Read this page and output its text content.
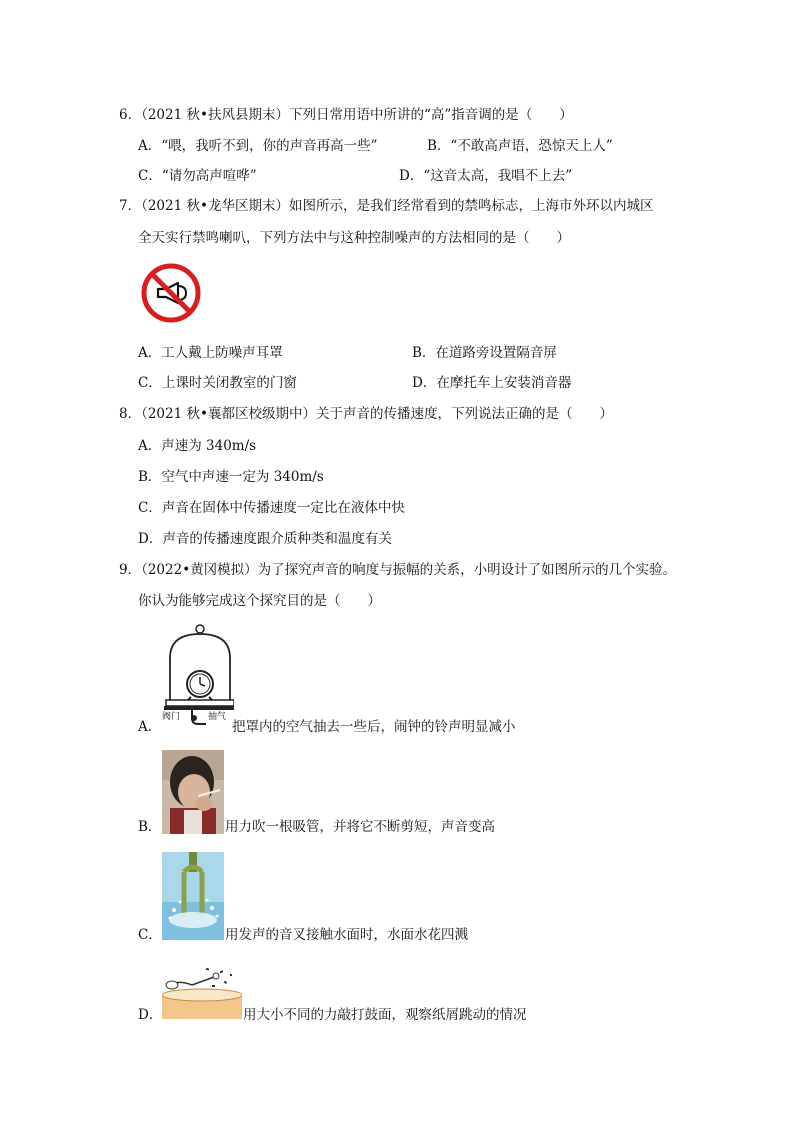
6．（2021 秋•扶风县期末）下列日常用语中所讲的“高”指音调的是（　　）
A．“喂，我听不到，你的声音再高一些”	B．“不敢高声语，恐惊天上人”
C．“请勿高声喧哗”	D．“这音太高，我唱不上去”
7．（2021 秋•龙华区期末）如图所示，是我们经常看到的禁鸣标志，上海市外环以内城区
全天实行禁鸣喇叭，下列方法中与这种控制噪声的方法相同的是（　　）
A．工人戴上防噪声耳罩	B．在道路旁设置隔音屏
C．上课时关闭教室的门窗	D．在摩托车上安装消音器
8．（2021 秋•襄都区校级期中）关于声音的传播速度，下列说法正确的是（　　）
A．声速为 340m/s
B．空气中声速一定为 340m/s
C．声音在固体中传播速度一定比在液体中快
D．声音的传播速度跟介质种类和温度有关
9．（2022•黄冈模拟）为了探究声音的响度与振幅的关系，小明设计了如图所示的几个实验。
你认为能够完成这个探究目的是（　　）
阀门	抽气
A．	把罩内的空气抽去一些后，闹钟的铃声明显减小
B．	用力吹一根吸管，并将它不断剪短，声音变高
C．	用发声的音叉接触水面时，水面水花四溅
D．	用大小不同的力敲打鼓面，观察纸屑跳动的情况
